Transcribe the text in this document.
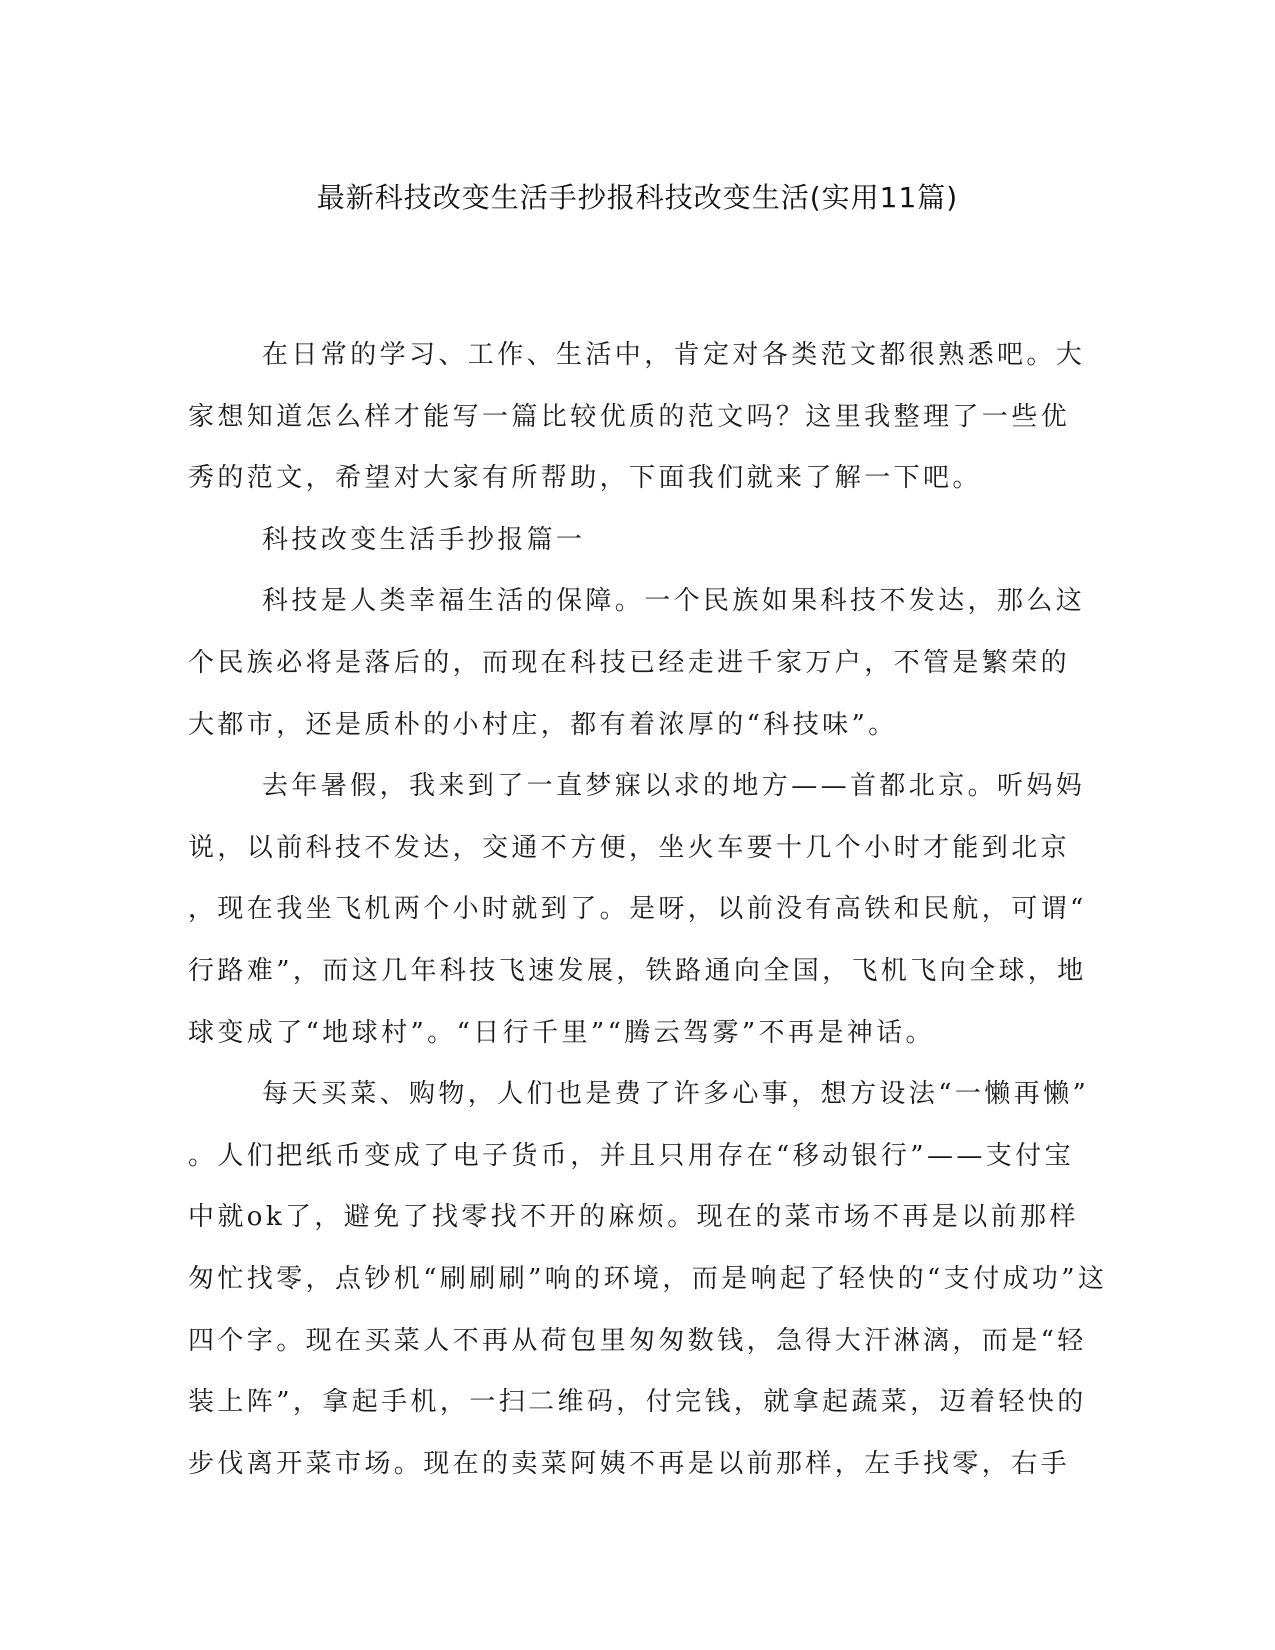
最新科技改变生活手抄报科技改变生活(实用11篇)
在日常的学习、工作、生活中，肯定对各类范文都很熟悉吧。大
家想知道怎么样才能写一篇比较优质的范文吗？这里我整理了一些优
秀的范文，希望对大家有所帮助，下面我们就来了解一下吧。
科技改变生活手抄报篇一
科技是人类幸福生活的保障。一个民族如果科技不发达，那么这
个民族必将是落后的，而现在科技已经走进千家万户，不管是繁荣的
大都市，还是质朴的小村庄，都有着浓厚的“科技味”。
去年暑假，我来到了一直梦寐以求的地方——首都北京。听妈妈
说，以前科技不发达，交通不方便，坐火车要十几个小时才能到北京
，现在我坐飞机两个小时就到了。是呀，以前没有高铁和民航，可谓“
行路难”，而这几年科技飞速发展，铁路通向全国，飞机飞向全球，地
球变成了“地球村”。“日行千里”“腾云驾雾”不再是神话。
每天买菜、购物，人们也是费了许多心事，想方设法“一懒再懒”
。人们把纸币变成了电子货币，并且只用存在“移动银行”——支付宝
中就ok了，避免了找零找不开的麻烦。现在的菜市场不再是以前那样
匆忙找零，点钞机“刷刷刷”响的环境，而是响起了轻快的“支付成功”这
四个字。现在买菜人不再从荷包里匆匆数钱，急得大汗淋漓，而是“轻
装上阵”，拿起手机，一扫二维码，付完钱，就拿起蔬菜，迈着轻快的
步伐离开菜市场。现在的卖菜阿姨不再是以前那样，左手找零，右手
